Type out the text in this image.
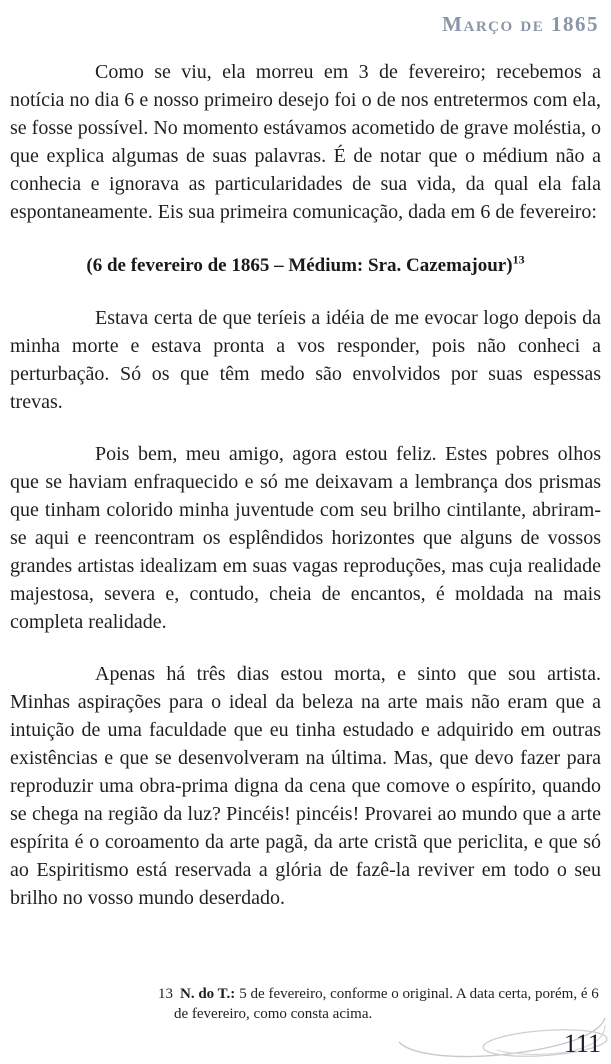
Março de 1865

Como se viu, ela morreu em 3 de fevereiro; recebemos a notícia no dia 6 e nosso primeiro desejo foi o de nos entretermos com ela, se fosse possível. No momento estávamos acometido de grave moléstia, o que explica algumas de suas palavras. É de notar que o médium não a conhecia e ignorava as particularidades de sua vida, da qual ela fala espontaneamente. Eis sua primeira comunicação, dada em 6 de fevereiro:

(6 de fevereiro de 1865 – Médium: Sra. Cazemajour)$^{13}$

Estava certa de que teríeis a idéia de me evocar logo depois da minha morte e estava pronta a vos responder, pois não conheci a perturbação. Só os que têm medo são envolvidos por suas espessas trevas.

Pois bem, meu amigo, agora estou feliz. Estes pobres olhos que se haviam enfraquecido e só me deixavam a lembrança dos prismas que tinham colorido minha juventude com seu brilho cintilante, abriram-se aqui e reencontram os esplêndidos horizontes que alguns de vossos grandes artistas idealizam em suas vagas reproduções, mas cuja realidade majestosa, severa e, contudo, cheia de encantos, é moldada na mais completa realidade.

Apenas há três dias estou morta, e sinto que sou artista. Minhas aspirações para o ideal da beleza na arte mais não eram que a intuição de uma faculdade que eu tinha estudado e adquirido em outras existências e que se desenvolveram na última. Mas, que devo fazer para reproduzir uma obra-prima digna da cena que comove o espírito, quando se chega na região da luz? Pincéis! pincéis! Provarei ao mundo que a arte espírita é o coroamento da arte pagã, da arte cristã que periclita, e que só ao Espiritismo está reservada a glória de fazê-la reviver em todo o seu brilho no vosso mundo deserdado.

13 N. do T.: 5 de fevereiro, conforme o original. A data certa, porém, é 6 de fevereiro, como consta acima.
111
